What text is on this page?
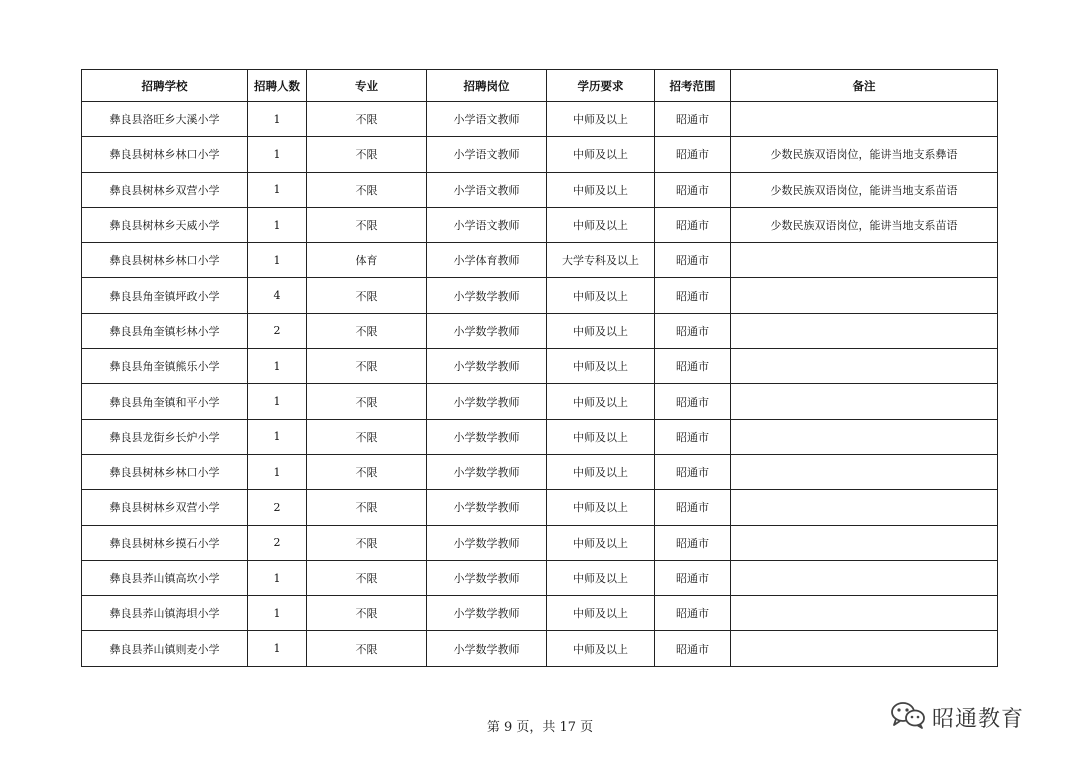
招聘学校	招聘人数	专业	招聘岗位	学历要求	招考范围	备注
彝良县洛旺乡大溪小学	1	不限	小学语文教师	中师及以上	昭通市	
彝良县树林乡林口小学	1	不限	小学语文教师	中师及以上	昭通市	少数民族双语岗位，能讲当地支系彝语
彝良县树林乡双营小学	1	不限	小学语文教师	中师及以上	昭通市	少数民族双语岗位，能讲当地支系苗语
彝良县树林乡天威小学	1	不限	小学语文教师	中师及以上	昭通市	少数民族双语岗位，能讲当地支系苗语
彝良县树林乡林口小学	1	体育	小学体育教师	大学专科及以上	昭通市	
彝良县角奎镇坪政小学	4	不限	小学数学教师	中师及以上	昭通市	
彝良县角奎镇杉林小学	2	不限	小学数学教师	中师及以上	昭通市	
彝良县角奎镇熊乐小学	1	不限	小学数学教师	中师及以上	昭通市	
彝良县角奎镇和平小学	1	不限	小学数学教师	中师及以上	昭通市	
彝良县龙街乡长炉小学	1	不限	小学数学教师	中师及以上	昭通市	
彝良县树林乡林口小学	1	不限	小学数学教师	中师及以上	昭通市	
彝良县树林乡双营小学	2	不限	小学数学教师	中师及以上	昭通市	
彝良县树林乡摸石小学	2	不限	小学数学教师	中师及以上	昭通市	
彝良县荞山镇高坎小学	1	不限	小学数学教师	中师及以上	昭通市	
彝良县荞山镇海垻小学	1	不限	小学数学教师	中师及以上	昭通市	
彝良县荞山镇则麦小学	1	不限	小学数学教师	中师及以上	昭通市	
第 9 页，共 17 页	昭通教育
